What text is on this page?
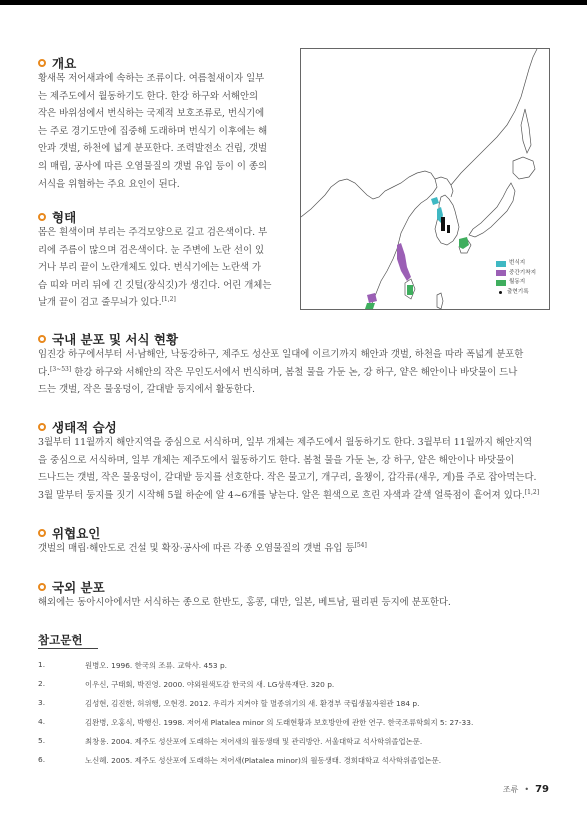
개요
황새목 저어새과에 속하는 조류이다. 여름철새이자 일부
는 제주도에서 월동하기도 한다. 한강 하구와 서해안의
작은 바위섬에서 번식하는 국제적 보호조류로, 번식기에
는 주로 경기도만에 집중해 도래하며 번식기 이후에는 해
안과 갯벌, 하천에 넓게 분포한다. 조력발전소 건립, 갯벌
의 매립, 공사에 따른 오염물질의 갯벌 유입 등이 이 종의
서식을 위협하는 주요 요인이 된다.
형태
몸은 흰색이며 부리는 주걱모양으로 길고 검은색이다. 부
리에 주름이 많으며 검은색이다. 눈 주변에 노란 선이 있
거나 부리 끝이 노란개체도 있다. 번식기에는 노란색 가
슴 띠와 머리 뒤에 긴 깃털(장식깃)가 생긴다. 어린 개체는
날개 끝이 검고 줄무늬가 있다.[1,2]
번식지
중간기착지
월동지
출현기록
국내 분포 및 서식 현황
임진강 하구에서부터 서·남해안, 낙동강하구, 제주도 성산포 일대에 이르기까지 해안과 갯벌, 하천을 따라 폭넓게 분포한
다.[3~53] 한강 하구와 서해안의 작은 무인도서에서 번식하며, 봄철 물을 가둔 논, 강 하구, 얕은 해안이나 바닷물이 드나
드는 갯벌, 작은 물웅덩이, 갈대밭 등지에서 활동한다.
생태적 습성
3월부터 11월까지 해안지역을 중심으로 서식하며, 일부 개체는 제주도에서 월동하기도 한다. 3월부터 11월까지 해안지역
을 중심으로 서식하며, 일부 개체는 제주도에서 월동하기도 한다. 봄철 물을 가둔 논, 강 하구, 얕은 해안이나 바닷물이
드나드는 갯벌, 작은 물웅덩이, 갈대밭 등지를 선호한다. 작은 물고기, 개구리, 올챙이, 갑각류(새우, 게)를 주로 잡아먹는다.
3월 말부터 둥지를 짓기 시작해 5월 하순에 알 4~6개를 낳는다. 알은 흰색으로 흐린 자색과 갈색 얼룩점이 흩어져 있다.[1,2]
위협요인
갯벌의 매립·해안도로 건설 및 확장·공사에 따른 각종 오염물질의 갯벌 유입 등[54]
국외 분포
해외에는 동아시아에서만 서식하는 종으로 한반도, 홍콩, 대만, 일본, 베트남, 필리핀 등지에 분포한다.
참고문헌
1.	원병오. 1996. 한국의 조류. 교학사. 453 p.
2.	이우신, 구태회, 박진영. 2000. 야외원색도감 한국의 새. LG상록재단. 320 p.
3.	김성현, 김진한, 허위행, 오현경. 2012. 우리가 지켜야 할 멸종위기의 새. 환경부 국립생물자원관 184 p.
4.	김완병, 오홍식, 박행신. 1998. 저어새 Platalea minor 의 도래현황과 보호방안에 관한 연구. 한국조류학회지 5: 27-33.
5.	최창용. 2004. 제주도 성산포에 도래하는 저어새의 월동생태 및 관리방안. 서울대학교 석사학위졸업논문.
6.	노신혜. 2005. 제주도 성산포에 도래하는 저어새(Platalea minor)의 월동생태. 경희대학교 석사학위졸업논문.
조류 • 79
